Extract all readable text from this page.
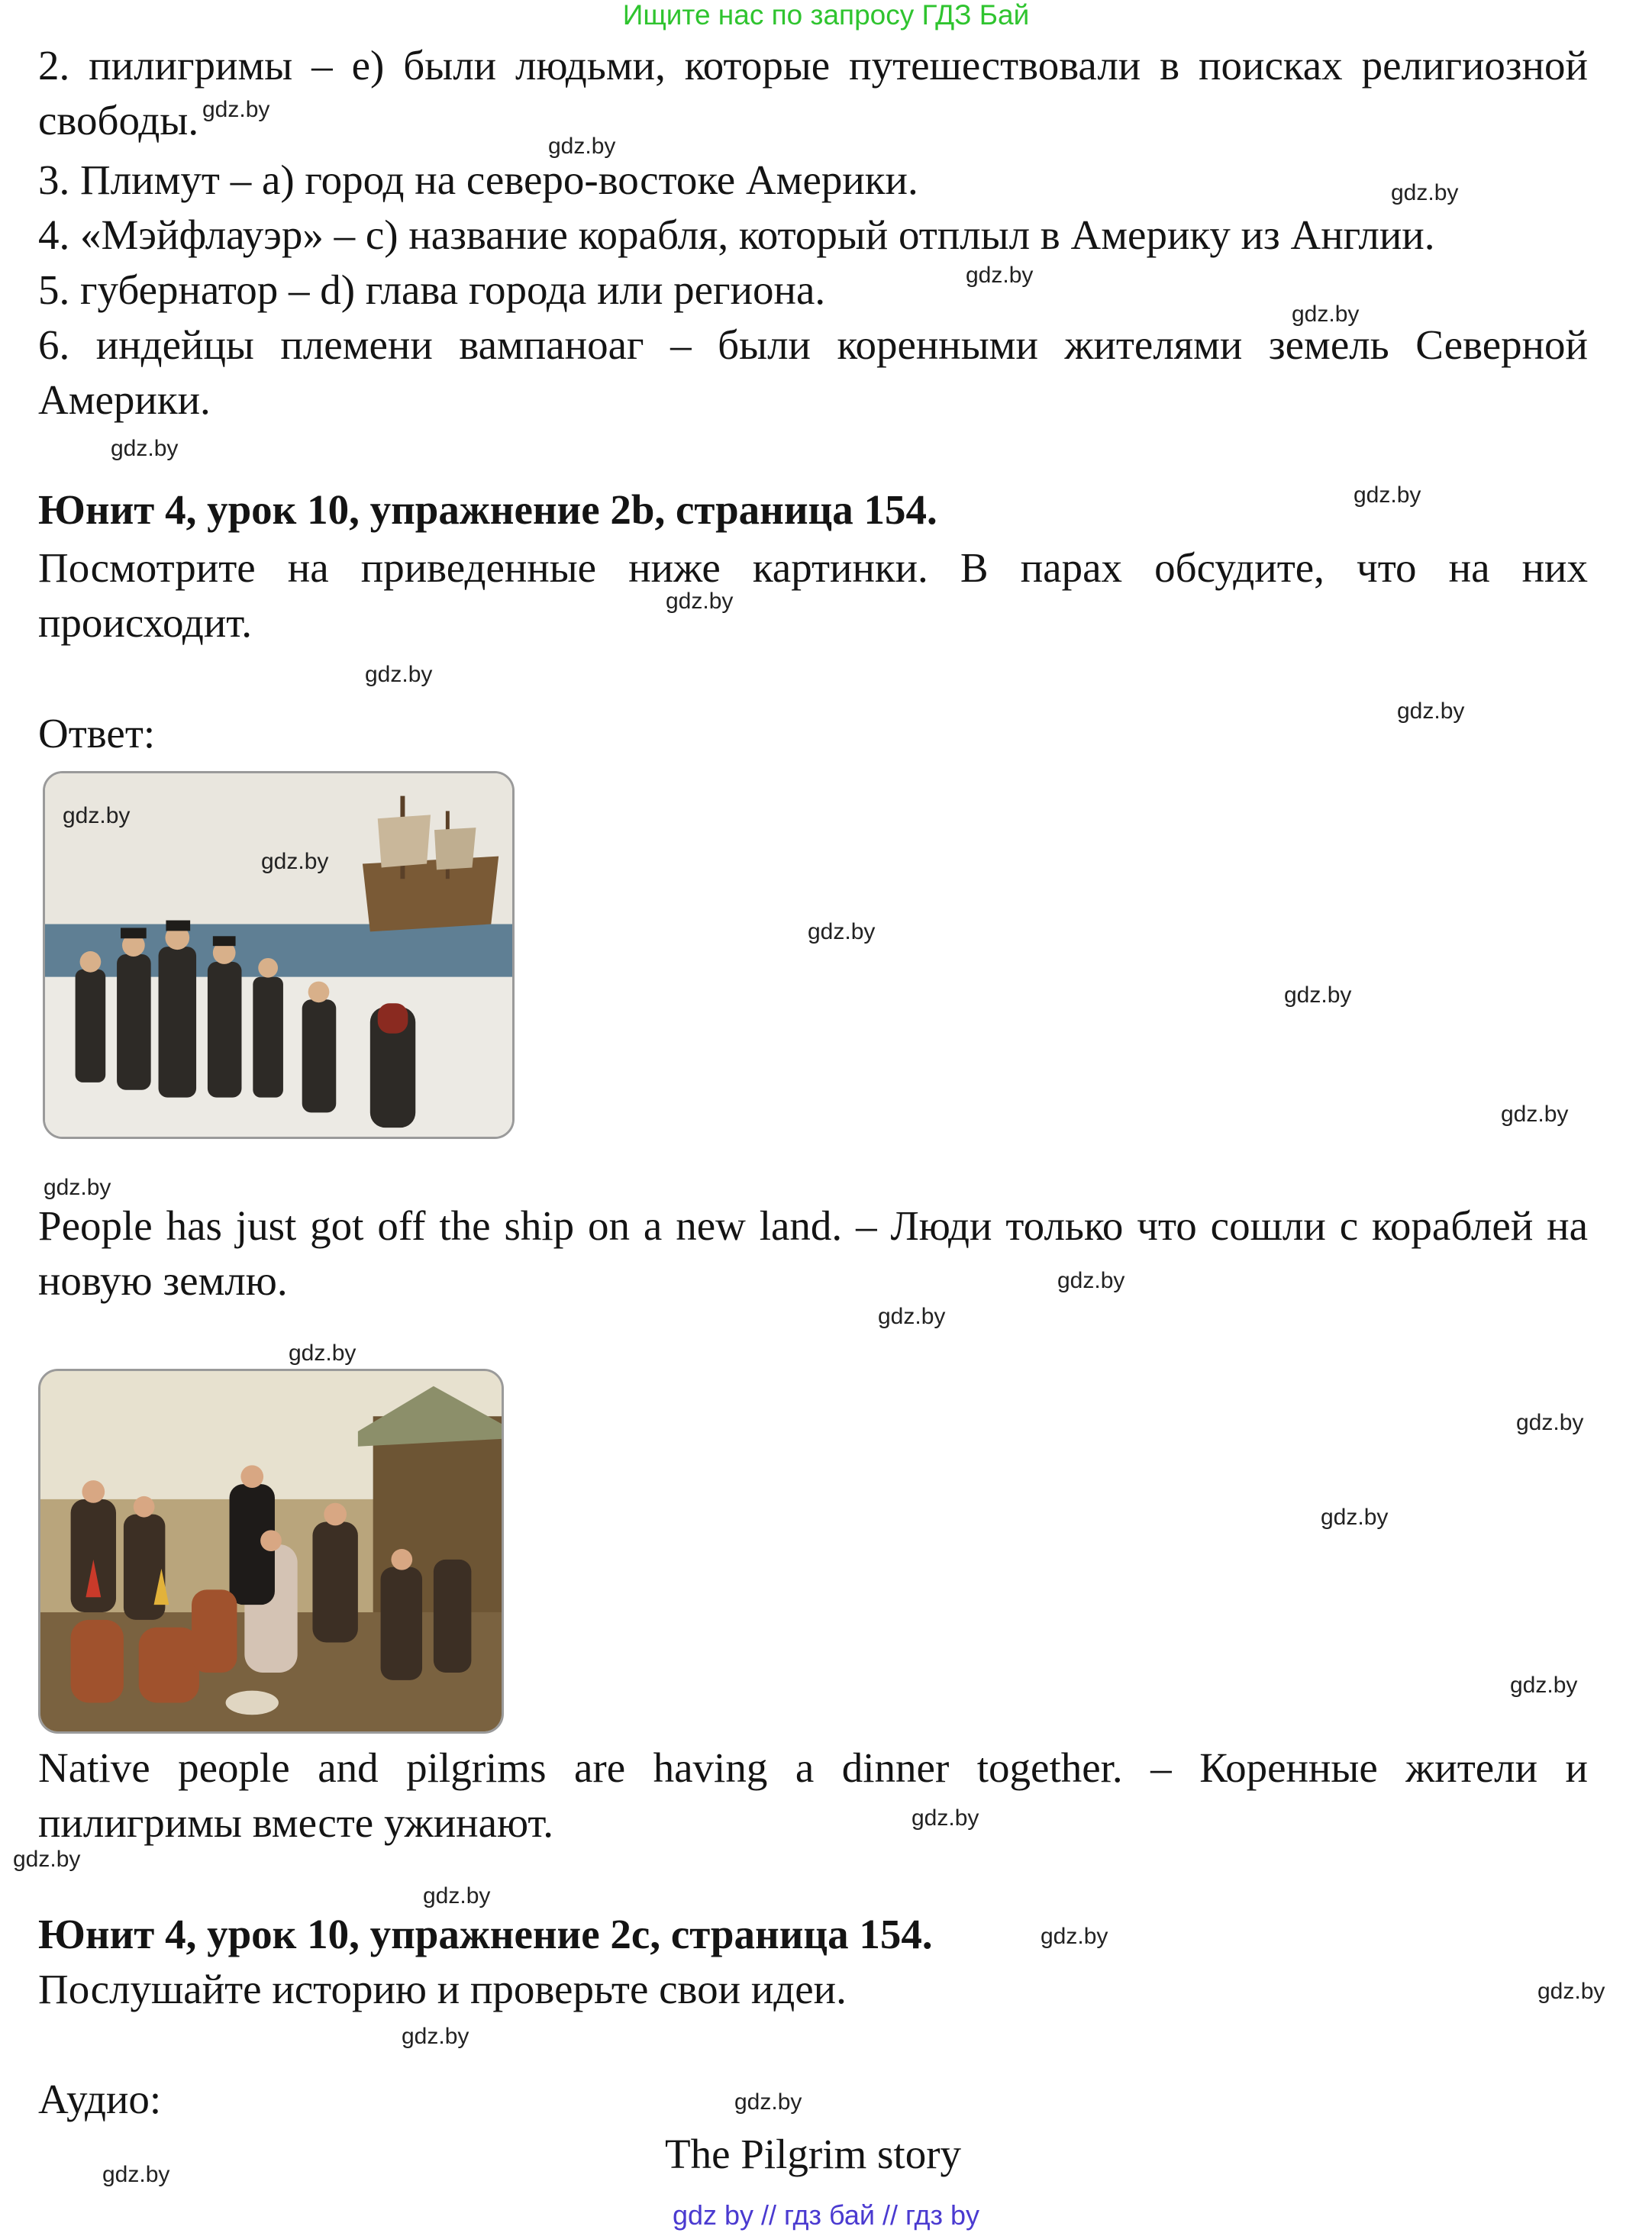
Ищите нас по запросу ГДЗ Бай

2. пилигримы – e) были людьми, которые путешествовали в поисках религиозной свободы.

3. Плимут – a) город на северо-востоке Америки.

4. «Мэйфлауэр» – c) название корабля, который отплыл в Америку из Англии.

5. губернатор – d) глава города или региона.

6. индейцы племени вампаноаг – были коренными жителями земель Северной Америки.

Юнит 4, урок 10, упражнение 2b, страница 154.

Посмотрите на приведенные ниже картинки. В парах обсудите, что на них происходит.

Ответ:

People has just got off the ship on a new land. – Люди только что сошли с кораблей на новую землю.

Native people and pilgrims are having a dinner together. – Коренные жители и пилигримы вместе ужинают.

Юнит 4, урок 10, упражнение 2c, страница 154.

Послушайте историю и проверьте свои идеи.

Аудио:

The Pilgrim story

gdz.by
gdz.by
gdz.by
gdz.by
gdz.by
gdz.by
gdz.by
gdz.by
gdz.by
gdz.by
gdz.by
gdz.by
gdz.by
gdz.by
gdz.by
gdz.by
gdz.by
gdz.by
gdz.by
gdz.by
gdz.by
gdz.by
gdz.by
gdz.by
gdz.by
gdz.by
gdz.by
gdz.by
gdz.by
gdz.by
gdz by // гдз бай // гдз by
